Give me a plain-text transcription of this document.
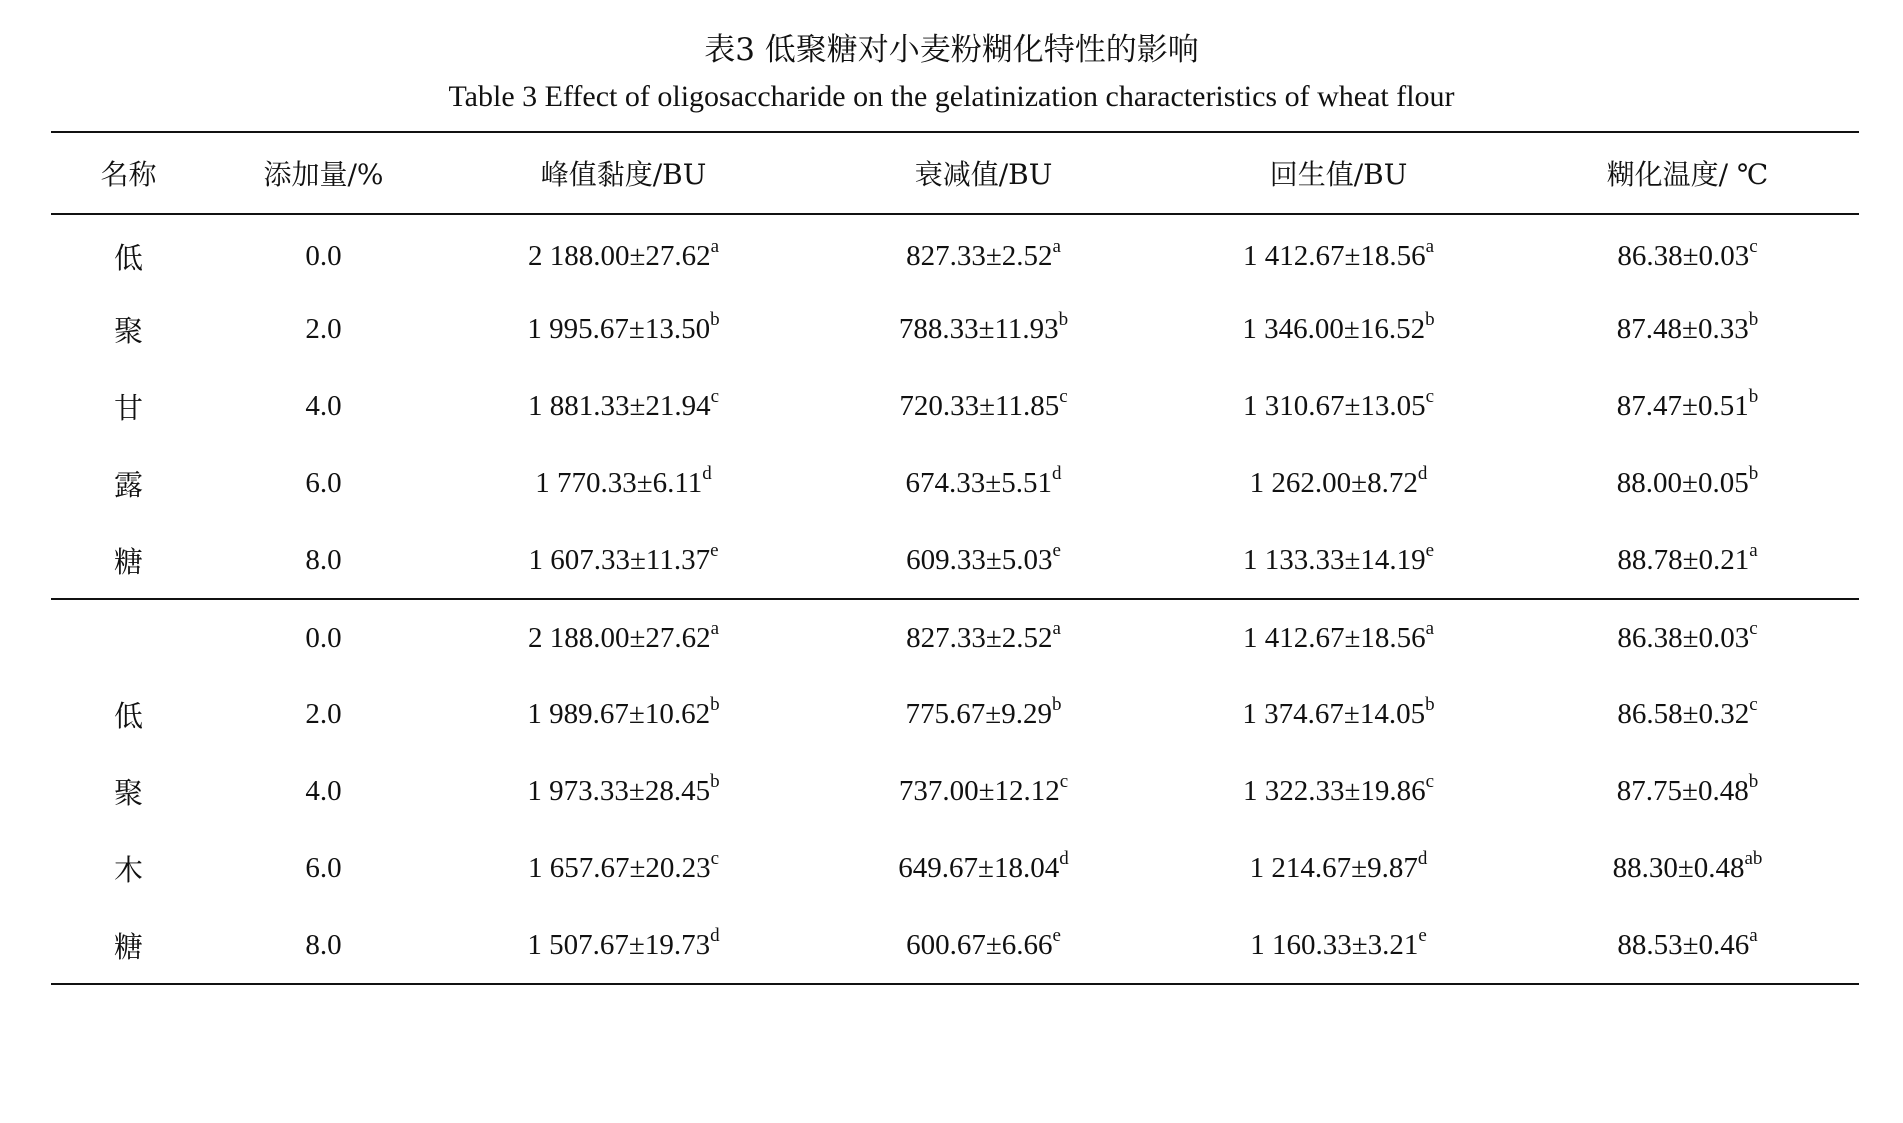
表3 低聚糖对小麦粉糊化特性的影响
Table 3 Effect of oligosaccharide on the gelatinization characteristics of wheat flour
名称	添加量/%	峰值黏度/BU	衰减值/BU	回生值/BU	糊化温度/ ℃
低	0.0	2 188.00±27.62$^a$	827.33±2.52$^a$	1 412.67±18.56$^a$	86.38±0.03$^c$
聚	2.0	1 995.67±13.50$^b$	788.33±11.93$^b$	1 346.00±16.52$^b$	87.48±0.33$^b$
甘	4.0	1 881.33±21.94$^c$	720.33±11.85$^c$	1 310.67±13.05$^c$	87.47±0.51$^b$
露	6.0	1 770.33±6.11$^d$	674.33±5.51$^d$	1 262.00±8.72$^d$	88.00±0.05$^b$
糖	8.0	1 607.33±11.37$^e$	609.33±5.03$^e$	1 133.33±14.19$^e$	88.78±0.21$^a$
	0.0	2 188.00±27.62$^a$	827.33±2.52$^a$	1 412.67±18.56$^a$	86.38±0.03$^c$
低	2.0	1 989.67±10.62$^b$	775.67±9.29$^b$	1 374.67±14.05$^b$	86.58±0.32$^c$
聚	4.0	1 973.33±28.45$^b$	737.00±12.12$^c$	1 322.33±19.86$^c$	87.75±0.48$^b$
木	6.0	1 657.67±20.23$^c$	649.67±18.04$^d$	1 214.67±9.87$^d$	88.30±0.48$^{ab}$
糖	8.0	1 507.67±19.73$^d$	600.67±6.66$^e$	1 160.33±3.21$^e$	88.53±0.46$^a$
